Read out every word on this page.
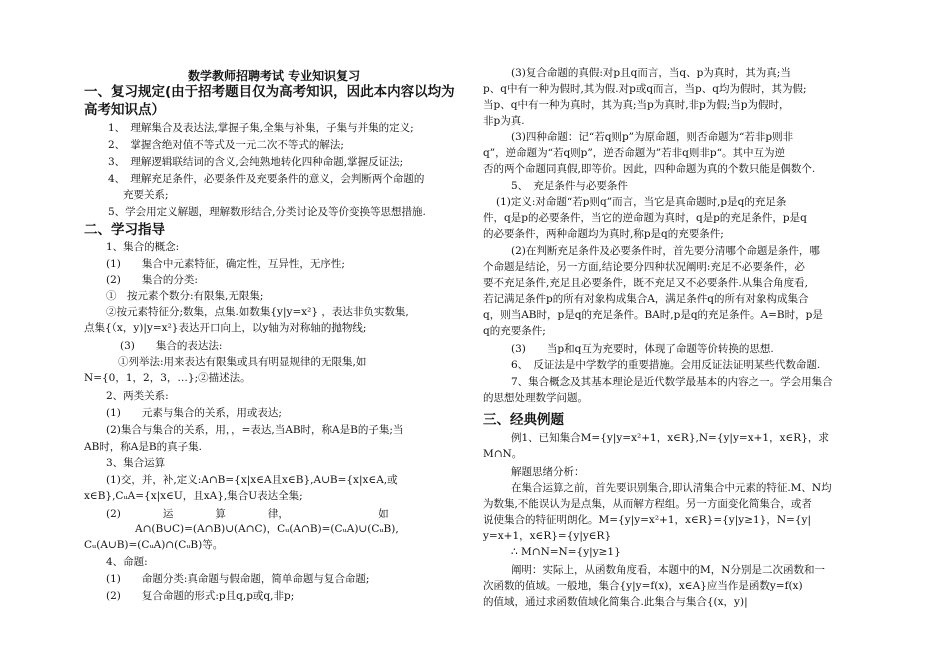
数学教师招聘考试 专业知识复习
一、复习规定(由于招考题目仅为高考知识，因此本内容以均为
高考知识点）
1、　理解集合及表达法,掌握子集,全集与补集，子集与并集的定义;
2、　掌握含绝对值不等式及一元二次不等式的解法;
3、　理解逻辑联结词的含义,会纯熟地转化四种命题,掌握反证法;
4、　理解充足条件，必要条件及充要条件的意义，会判断两个命题的
充要关系;
5、学会用定义解题，理解数形结合,分类讨论及等价变换等思想措施.
二、学习指导
1、集合的概念:
(1)　　集合中元素特征，确定性，互异性，无序性;
(2)　　集合的分类:
①　按元素个数分:有限集,无限集;
②按元素特征分;数集，点集.如数集{y|y=x²} ，表达非负实数集,
点集{（x，y)|y=x²}表达开口向上，以y轴为对称轴的抛物线;
(3)　　集合的表达法:
①列举法:用来表达有限集或具有明显规律的无限集,如
N={0，1，2，3，…};②描述法。
2、两类关系:
(1)　　元素与集合的关系，用或表达;
(2)集合与集合的关系，用，，=表达,当AB时，称A是B的子集;当
AB时，称A是B的真子集.
3、集合运算
(1)交，并，补,定义:A∩B={x|x∈A且x∈B},A∪B={x|x∈A,或
x∈B},CᵤA={x|x∈U，且xA},集合U表达全集;
(2)　　　　运　　　　算　　　　律，　　　　　　　　　如
A∩(B∪C)=(A∩B)∪(A∩C)，Cᵤ(A∩B)=(CᵤA)∪(CᵤB),
Cᵤ(A∪B)=(CᵤA)∩(CᵤB)等。
4、命题:
(1)　　命题分类:真命题与假命题，简单命题与复合命题;
(2)　　复合命题的形式:p且q,p或q,非p;
(3)复合命题的真假:对p且q而言，当q、p为真时，其为真;当
p、q中有一种为假时,其为假.对p或q而言，当p、q均为假时，其为假;
当p、q中有一种为真时，其为真;当p为真时,非p为假;当p为假时，
非p为真.
(3)四种命题：记“若q则p”为原命题，则否命题为“若非p则非
q”，逆命题为“若q则p”，逆否命题为”若非q则非p“。其中互为逆
否的两个命题同真假,即等价。因此，四种命题为真的个数只能是偶数个.
5、　充足条件与必要条件
(1)定义:对命题“若p则q”而言，当它是真命题时,p是q的充足条
件，q是p的必要条件，当它的逆命题为真时，q是p的充足条件，p是q
的必要条件，两种命题均为真时,称p是q的充要条件;
(2)在判断充足条件及必要条件时，首先要分清哪个命题是条件，哪
个命题是结论，另一方面,结论要分四种状况阐明:充足不必要条件，必
要不充足条件,充足且必要条件，既不充足又不必要条件.从集合角度看,
若记满足条件p的所有对象构成集合A，满足条件q的所有对象构成集合
q，则当AB时，p是q的充足条件。BA时,p是q的充足条件。A=B时，p是
q的充要条件;
(3)　　当p和q互为充要时，体现了命题等价转换的思想.
6、　反证法是中学数学的重要措施。会用反证法证明某些代数命题.
7、集合概念及其基本理论是近代数学最基本的内容之一。学会用集合
的思想处理数学问题。
三、经典例题
例1、已知集合M={y|y=x²+1，x∈R},N={y|y=x+1，x∈R}，求
M∩N。
解题思绪分析：
在集合运算之前，首先要识别集合,即认清集合中元素的特征.M、N均
为数集,不能误认为是点集，从而解方程组。另一方面变化简集合，或者
说使集合的特征明朗化。M={y|y=x²+1，x∈R}={y|y≥1}，N={y|
y=x+1，x∈R}={y|y∈R}
∴ M∩N=N={y|y≥1}
阐明：实际上，从函数角度看，本题中的M，N分别是二次函数和一
次函数的值域。一般地，集合{y|y=f(x)，x∈A}应当作是函数y=f(x)
的值域，通过求函数值域化简集合.此集合与集合{(x，y)|
